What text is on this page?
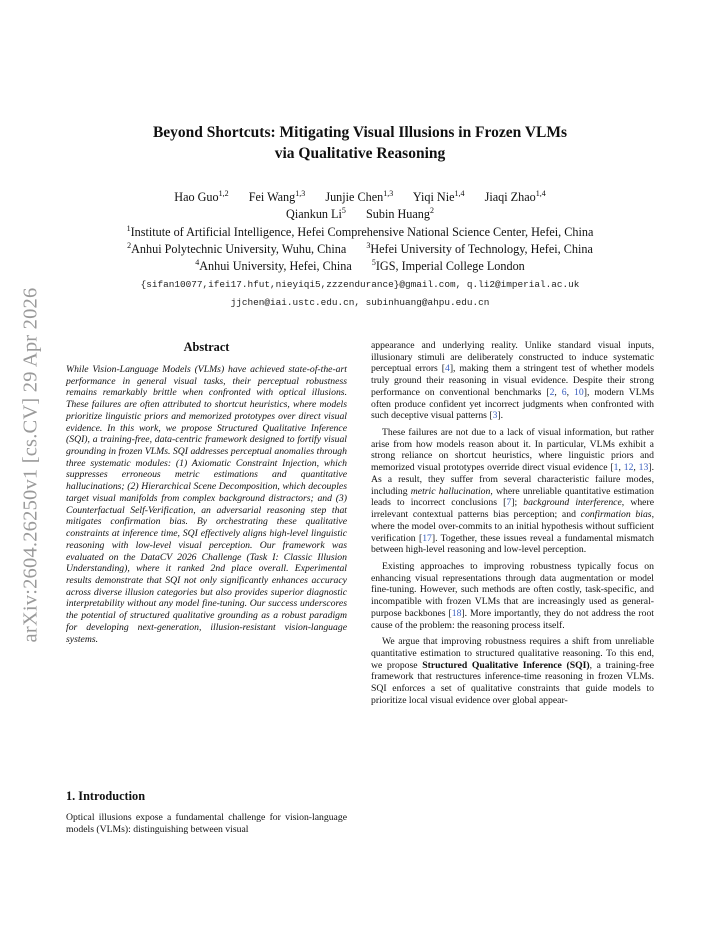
arXiv:2604.26250v1 [cs.CV] 29 Apr 2026
Beyond Shortcuts: Mitigating Visual Illusions in Frozen VLMs
via Qualitative Reasoning
Hao Guo$^{1,2}$ Fei Wang$^{1,3}$ Junjie Chen$^{1,3}$ Yiqi Nie$^{1,4}$ Jiaqi Zhao$^{1,4}$
Qiankun Li$^5$ Subin Huang$^2$
$^1$Institute of Artificial Intelligence, Hefei Comprehensive National Science Center, Hefei, China
$^2$Anhui Polytechnic University, Wuhu, China	$^3$Hefei University of Technology, Hefei, China
$^4$Anhui University, Hefei, China	$^5$IGS, Imperial College London
{sifan10077,ifei17.hfut,nieyiqi5,zzzendurance}@gmail.com, q.li2@imperial.ac.uk
jjchen@iai.ustc.edu.cn, subinhuang@ahpu.edu.cn
Abstract

While Vision-Language Models (VLMs) have achieved state-of-the-art performance in general visual tasks, their perceptual robustness remains remarkably brittle when confronted with optical illusions. These failures are often attributed to shortcut heuristics, where models prioritize linguistic priors and memorized prototypes over direct visual evidence. In this work, we propose Structured Qualitative Inference (SQI), a training-free, data-centric framework designed to fortify visual grounding in frozen VLMs. SQI addresses perceptual anomalies through three systematic modules: (1) Axiomatic Constraint Injection, which suppresses erroneous metric estimations and quantitative hallucinations; (2) Hierarchical Scene Decomposition, which decouples target visual manifolds from complex background distractors; and (3) Counterfactual Self-Verification, an adversarial reasoning step that mitigates confirmation bias. By orchestrating these qualitative constraints at inference time, SQI effectively aligns high-level linguistic reasoning with low-level visual perception. Our framework was evaluated on the DataCV 2026 Challenge (Task I: Classic Illusion Understanding), where it ranked 2nd place overall. Experimental results demonstrate that SQI not only significantly enhances accuracy across diverse illusion categories but also provides superior diagnostic interpretability without any model fine-tuning. Our success underscores the potential of structured qualitative grounding as a robust paradigm for developing next-generation, illusion-resistant vision-language systems.

1. Introduction

Optical illusions expose a fundamental challenge for vision-language models (VLMs): distinguishing between visual

appearance and underlying reality. Unlike standard visual inputs, illusionary stimuli are deliberately constructed to induce systematic perceptual errors [4], making them a stringent test of whether models truly ground their reasoning in visual evidence. Despite their strong performance on conventional benchmarks [2, 6, 10], modern VLMs often produce confident yet incorrect judgments when confronted with such deceptive visual patterns [3].

These failures are not due to a lack of visual information, but rather arise from how models reason about it. In particular, VLMs exhibit a strong reliance on shortcut heuristics, where linguistic priors and memorized visual prototypes override direct visual evidence [1, 12, 13]. As a result, they suffer from several characteristic failure modes, including metric hallucination, where unreliable quantitative estimation leads to incorrect conclusions [7]; background interference, where irrelevant contextual patterns bias perception; and confirmation bias, where the model over-commits to an initial hypothesis without sufficient verification [17]. Together, these issues reveal a fundamental mismatch between high-level reasoning and low-level perception.

Existing approaches to improving robustness typically focus on enhancing visual representations through data augmentation or model fine-tuning. However, such methods are often costly, task-specific, and incompatible with frozen VLMs that are increasingly used as general-purpose backbones [18]. More importantly, they do not address the root cause of the problem: the reasoning process itself.

We argue that improving robustness requires a shift from unreliable quantitative estimation to structured qualitative reasoning. To this end, we propose Structured Qualitative Inference (SQI), a training-free framework that restructures inference-time reasoning in frozen VLMs. SQI enforces a set of qualitative constraints that guide models to prioritize local visual evidence over global appear-
